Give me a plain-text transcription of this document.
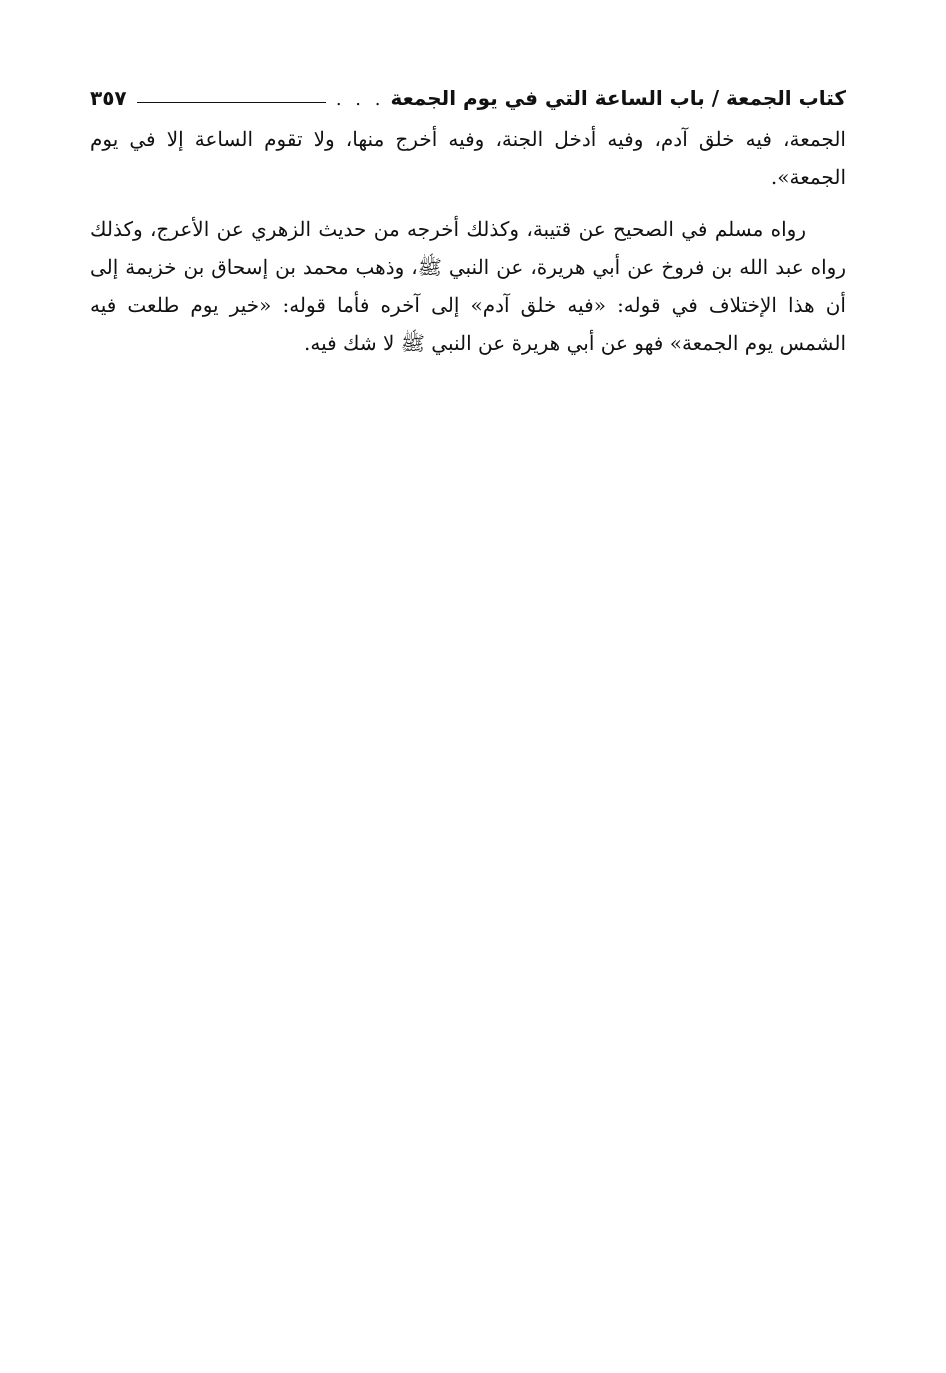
كتاب الجمعة / باب الساعة التي في يوم الجمعة
. . .
٣٥٧

الجمعة، فيه خلق آدم، وفيه أدخل الجنة، وفيه أخرج منها، ولا تقوم الساعة إلا في يوم الجمعة».

رواه مسلم في الصحيح عن قتيبة، وكذلك أخرجه من حديث الزهري عن الأعرج، وكذلك رواه عبد الله بن فروخ عن أبي هريرة، عن النبي ﷺ، وذهب محمد بن إسحاق بن خزيمة إلى أن هذا الإختلاف في قوله: «فيه خلق آدم» إلى آخره فأما قوله: «خير يوم طلعت فيه الشمس يوم الجمعة» فهو عن أبي هريرة عن النبي ﷺ لا شك فيه.
